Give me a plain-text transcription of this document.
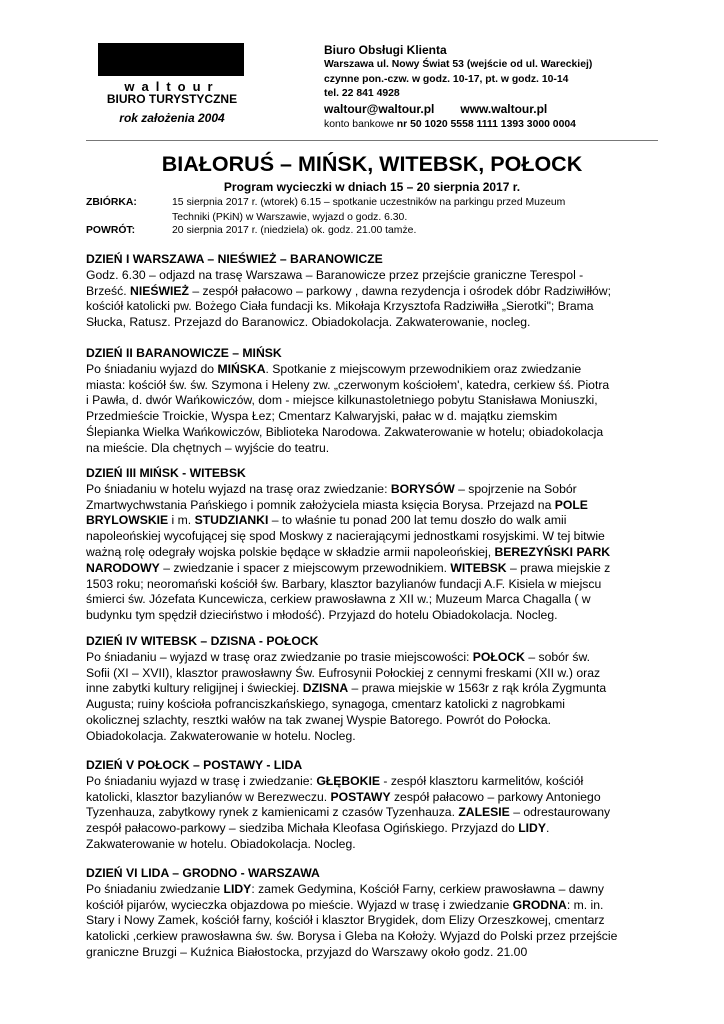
waltour
BIURO TURYSTYCZNE
rok założenia 2004
Biuro Obsługi Klienta
Warszawa ul. Nowy Świat 53 (wejście od ul. Wareckiej)
czynne pon.-czw. w godz. 10-17, pt. w godz. 10-14
tel. 22 841 4928
waltour@waltour.pl www.waltour.pl
konto bankowe nr 50 1020 5558 1111 1393 3000 0004
BIAŁORUŚ – MIŃSK, WITEBSK, POŁOCK
Program wycieczki w dniach 15 – 20 sierpnia 2017 r.
ZBIÓRKA:	15 sierpnia 2017 r. (wtorek) 6.15 – spotkanie uczestników na parkingu przed Muzeum
Techniki (PKiN) w Warszawie, wyjazd o godz. 6.30.
POWRÓT:	20 sierpnia 2017 r. (niedziela) ok. godz. 21.00 tamże.
DZIEŃ I WARSZAWA – NIEŚWIEŻ – BARANOWICZE
Godz. 6.30 – odjazd na trasę Warszawa – Baranowicze przez przejście graniczne Terespol -
Brześć. NIEŚWIEŻ – zespół pałacowo – parkowy , dawna rezydencja i ośrodek dóbr Radziwiłłów;
kościół katolicki pw. Bożego Ciała fundacji ks. Mikołaja Krzysztofa Radziwiłła „Sierotki"; Brama
Słucka, Ratusz. Przejazd do Baranowicz. Obiadokolacja. Zakwaterowanie, nocleg.
DZIEŃ II BARANOWICZE – MIŃSK
Po śniadaniu wyjazd do MIŃSKA. Spotkanie z miejscowym przewodnikiem oraz zwiedzanie
miasta: kościół św. św. Szymona i Heleny zw. „czerwonym kościołem', katedra, cerkiew śś. Piotra
i Pawła, d. dwór Wańkowiczów, dom - miejsce kilkunastoletniego pobytu Stanisława Moniuszki,
Przedmieście Troickie, Wyspa Łez; Cmentarz Kalwaryjski, pałac w d. majątku ziemskim
Ślepianka Wielka Wańkowiczów, Biblioteka Narodowa. Zakwaterowanie w hotelu; obiadokolacja
na mieście. Dla chętnych – wyjście do teatru.
DZIEŃ III MIŃSK - WITEBSK
Po śniadaniu w hotelu wyjazd na trasę oraz zwiedzanie: BORYSÓW – spojrzenie na Sobór
Zmartwychwstania Pańskiego i pomnik założyciela miasta księcia Borysa. Przejazd na POLE
BRYLOWSKIE i m. STUDZIANKI – to właśnie tu ponad 200 lat temu doszło do walk amii
napoleońskiej wycofującej się spod Moskwy z nacierającymi jednostkami rosyjskimi. W tej bitwie
ważną rolę odegrały wojska polskie będące w składzie armii napoleońskiej, BEREZYŃSKI PARK
NARODOWY – zwiedzanie i spacer z miejscowym przewodnikiem. WITEBSK – prawa miejskie z
1503 roku; neoromański kościół św. Barbary, klasztor bazylianów fundacji A.F. Kisiela w miejscu
śmierci św. Józefata Kuncewicza, cerkiew prawosławna z XII w.; Muzeum Marca Chagalla ( w
budynku tym spędził dzieciństwo i młodość). Przyjazd do hotelu Obiadokolacja. Nocleg.
DZIEŃ IV WITEBSK – DZISNA - POŁOCK
Po śniadaniu – wyjazd w trasę oraz zwiedzanie po trasie miejscowości: POŁOCK – sobór św.
Sofii (XI – XVII), klasztor prawosławny Św. Eufrosynii Połockiej z cennymi freskami (XII w.) oraz
inne zabytki kultury religijnej i świeckiej. DZISNA – prawa miejskie w 1563r z rąk króla Zygmunta
Augusta; ruiny kościoła pofranciszkańskiego, synagoga, cmentarz katolicki z nagrobkami
okolicznej szlachty, resztki wałów na tak zwanej Wyspie Batorego. Powrót do Połocka.
Obiadokolacja. Zakwaterowanie w hotelu. Nocleg.
DZIEŃ V POŁOCK – POSTAWY - LIDA
Po śniadaniu wyjazd w trasę i zwiedzanie: GŁĘBOKIE - zespół klasztoru karmelitów, kościół
katolicki, klasztor bazylianów w Berezweczu. POSTAWY zespół pałacowo – parkowy Antoniego
Tyzenhauza, zabytkowy rynek z kamienicami z czasów Tyzenhauza. ZALESIE – odrestaurowany
zespół pałacowo-parkowy – siedziba Michała Kleofasa Ogińskiego. Przyjazd do LIDY.
Zakwaterowanie w hotelu. Obiadokolacja. Nocleg.
DZIEŃ VI LIDA – GRODNO - WARSZAWA
Po śniadaniu zwiedzanie LIDY: zamek Gedymina, Kościół Farny, cerkiew prawosławna – dawny
kościół pijarów, wycieczka objazdowa po mieście. Wyjazd w trasę i zwiedzanie GRODNA: m. in.
Stary i Nowy Zamek, kościół farny, kościół i klasztor Brygidek, dom Elizy Orzeszkowej, cmentarz
katolicki ,cerkiew prawosławna św. św. Borysa i Gleba na Kołoży. Wyjazd do Polski przez przejście
graniczne Bruzgi – Kuźnica Białostocka, przyjazd do Warszawy około godz. 21.00
